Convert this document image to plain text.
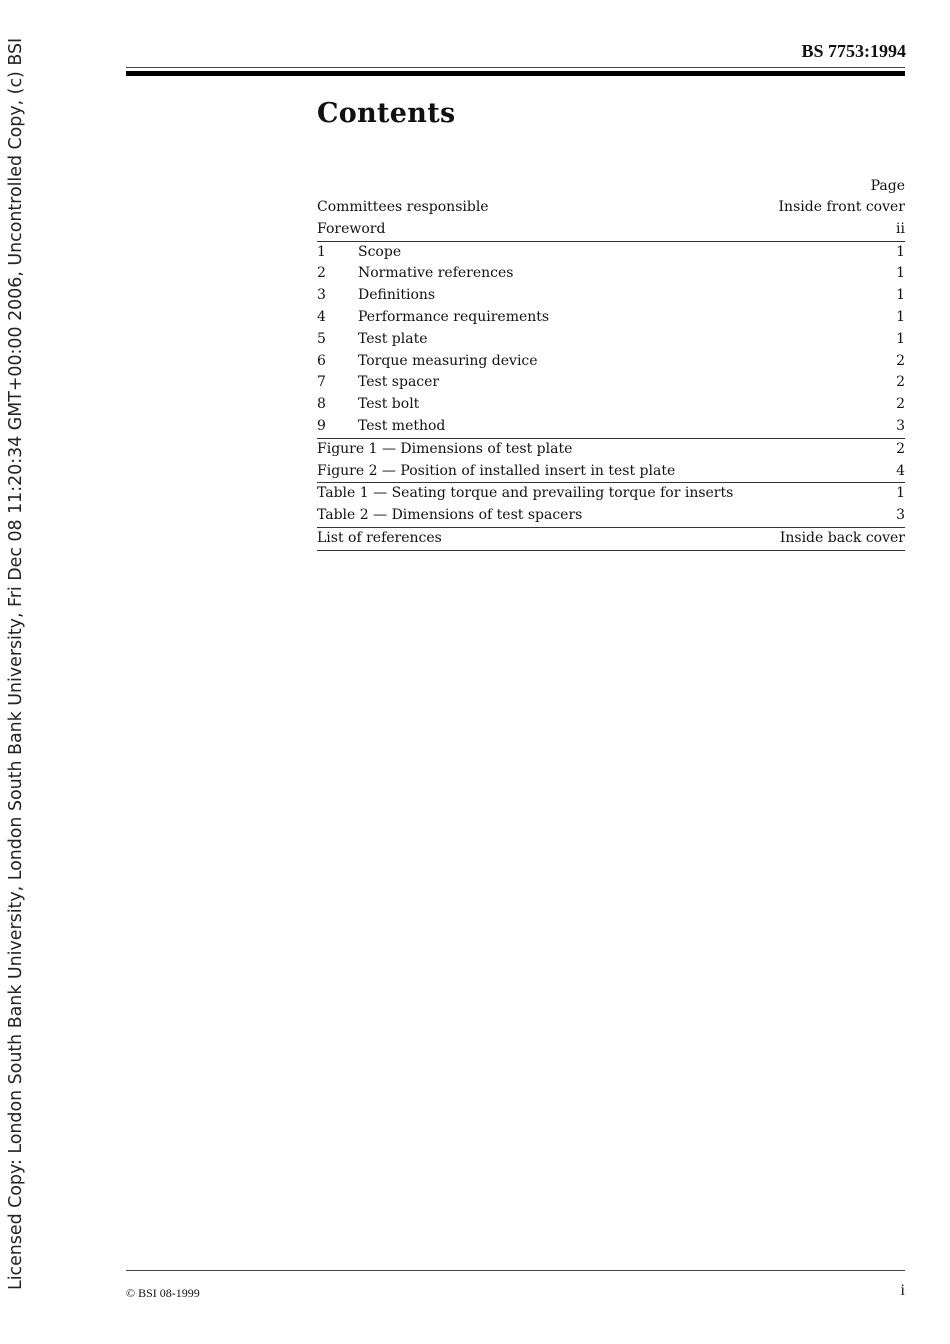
Licensed Copy: London South Bank University, London South Bank University, Fri Dec 08 11:20:34 GMT+00:00 2006, Uncontrolled Copy, (c) BSI	BS 7753:1994
Contents
Page
Committees responsible	Inside front cover
Foreword	ii
1	Scope	1
2	Normative references	1
3	Definitions	1
4	Performance requirements	1
5	Test plate	1
6	Torque measuring device	2
7	Test spacer	2
8	Test bolt	2
9	Test method	3
Figure 1 — Dimensions of test plate	2
Figure 2 — Position of installed insert in test plate	4
Table 1 — Seating torque and prevailing torque for inserts	1
Table 2 — Dimensions of test spacers	3
List of references	Inside back cover
© BSI 08-1999	i
